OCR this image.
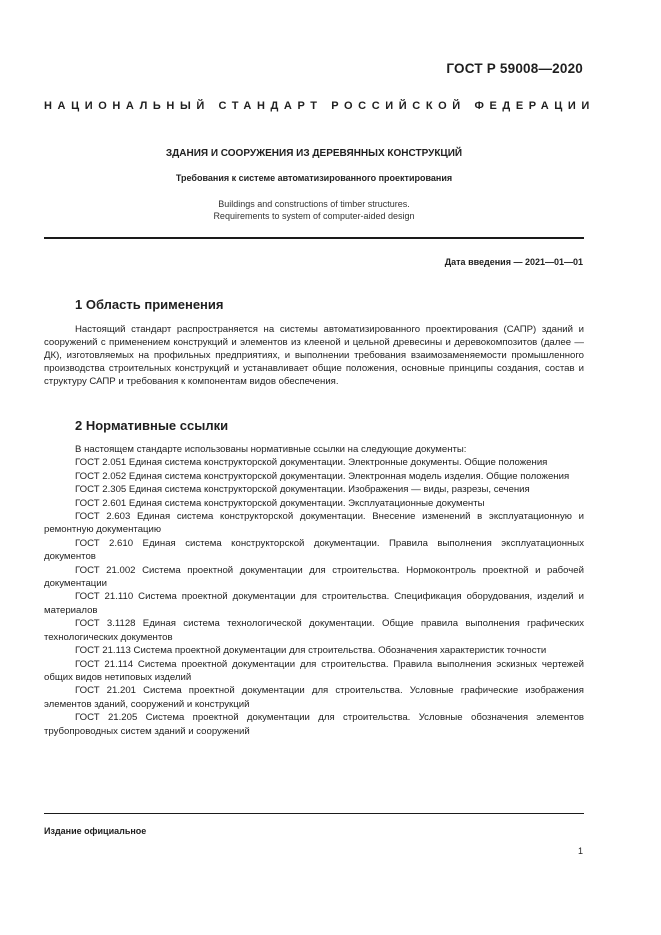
ГОСТ Р 59008—2020
НАЦИОНАЛЬНЫЙ СТАНДАРТ РОССИЙСКОЙ ФЕДЕРАЦИИ
ЗДАНИЯ И СООРУЖЕНИЯ ИЗ ДЕРЕВЯННЫХ КОНСТРУКЦИЙ
Требования к системе автоматизированного проектирования
Buildings and constructions of timber structures.
Requirements to system of computer-aided design
Дата введения — 2021—01—01
1 Область применения

Настоящий стандарт распространяется на системы автоматизированного проектирования (САПР) зданий и сооружений с применением конструкций и элементов из клееной и цельной древесины и деревокомпозитов (далее — ДК), изготовляемых на профильных предприятиях, и выполнении требования взаимозаменяемости промышленного производства строительных конструкций и устанавливает общие положения, основные принципы создания, состав и структуру САПР и требования к компонентам видов обеспечения.

2 Нормативные ссылки

В настоящем стандарте использованы нормативные ссылки на следующие документы:

ГОСТ 2.051 Единая система конструкторской документации. Электронные документы. Общие положения

ГОСТ 2.052 Единая система конструкторской документации. Электронная модель изделия. Общие положения

ГОСТ 2.305 Единая система конструкторской документации. Изображения — виды, разрезы, сечения

ГОСТ 2.601 Единая система конструкторской документации. Эксплуатационные документы

ГОСТ 2.603 Единая система конструкторской документации. Внесение изменений в эксплуатационную и ремонтную документацию

ГОСТ 2.610 Единая система конструкторской документации. Правила выполнения эксплуатационных документов

ГОСТ 21.002 Система проектной документации для строительства. Нормоконтроль проектной и рабочей документации

ГОСТ 21.110 Система проектной документации для строительства. Спецификация оборудования, изделий и материалов

ГОСТ 3.1128 Единая система технологической документации. Общие правила выполнения графических технологических документов

ГОСТ 21.113 Система проектной документации для строительства. Обозначения характеристик точности

ГОСТ 21.114 Система проектной документации для строительства. Правила выполнения эскизных чертежей общих видов нетиповых изделий

ГОСТ 21.201 Система проектной документации для строительства. Условные графические изображения элементов зданий, сооружений и конструкций

ГОСТ 21.205 Система проектной документации для строительства. Условные обозначения элементов трубопроводных систем зданий и сооружений

Издание официальное
1
